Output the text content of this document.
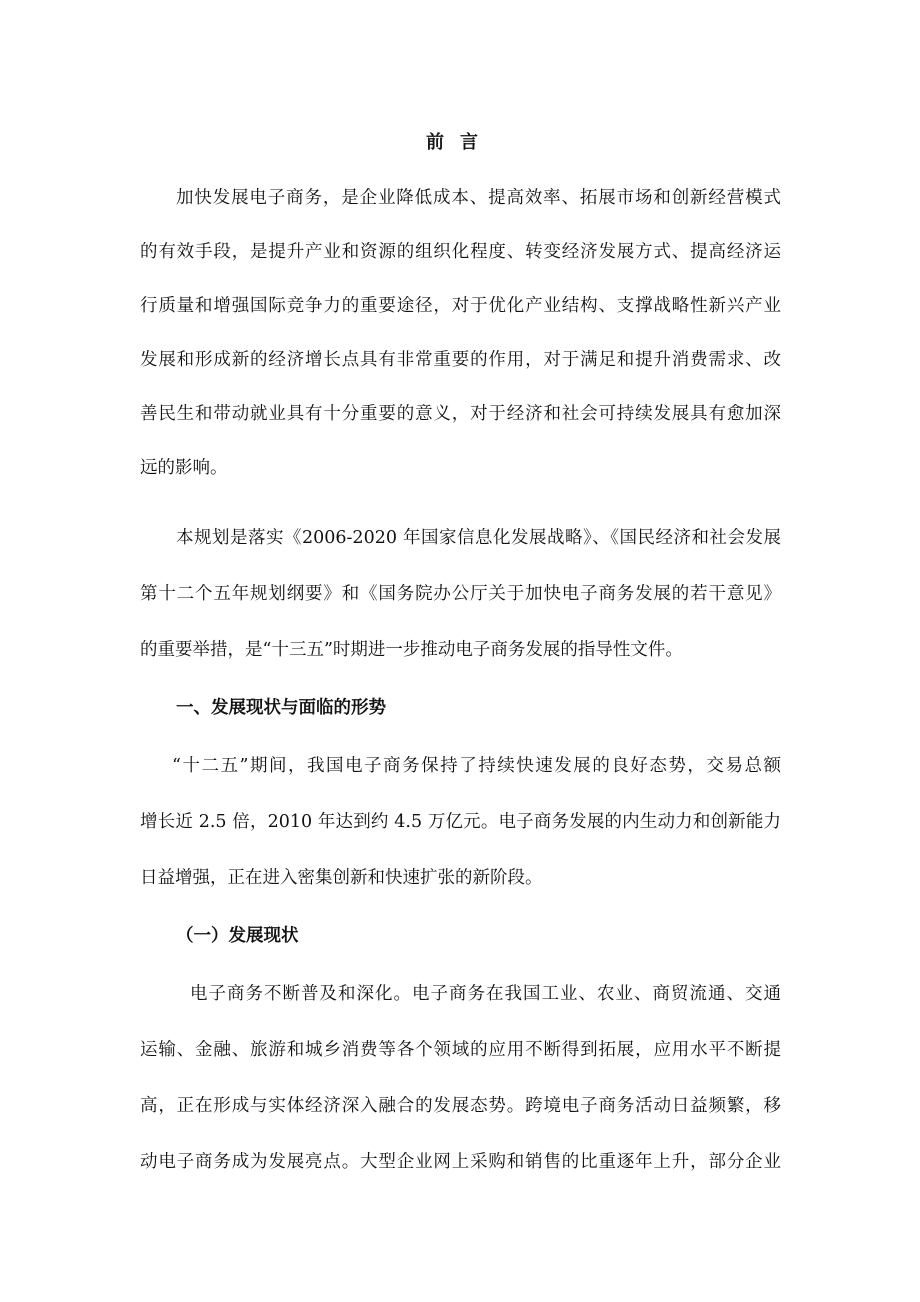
前言
加快发展电子商务，是企业降低成本、提高效率、拓展市场和创新经营模式
的有效手段，是提升产业和资源的组织化程度、转变经济发展方式、提高经济运
行质量和增强国际竞争力的重要途径，对于优化产业结构、支撑战略性新兴产业
发展和形成新的经济增长点具有非常重要的作用，对于满足和提升消费需求、改
善民生和带动就业具有十分重要的意义，对于经济和社会可持续发展具有愈加深
远的影响。
本规划是落实《2006-2020 年国家信息化发展战略》、《国民经济和社会发展
第十二个五年规划纲要》和《国务院办公厅关于加快电子商务发展的若干意见》
的重要举措，是“十三五”时期进一步推动电子商务发展的指导性文件。
一、发展现状与面临的形势
“十二五”期间，我国电子商务保持了持续快速发展的良好态势，交易总额
增长近 2.5 倍，2010 年达到约 4.5 万亿元。电子商务发展的内生动力和创新能力
日益增强，正在进入密集创新和快速扩张的新阶段。
（一）发展现状
电子商务不断普及和深化。电子商务在我国工业、农业、商贸流通、交通
运输、金融、旅游和城乡消费等各个领域的应用不断得到拓展，应用水平不断提
高，正在形成与实体经济深入融合的发展态势。跨境电子商务活动日益频繁，移
动电子商务成为发展亮点。大型企业网上采购和销售的比重逐年上升，部分企业
